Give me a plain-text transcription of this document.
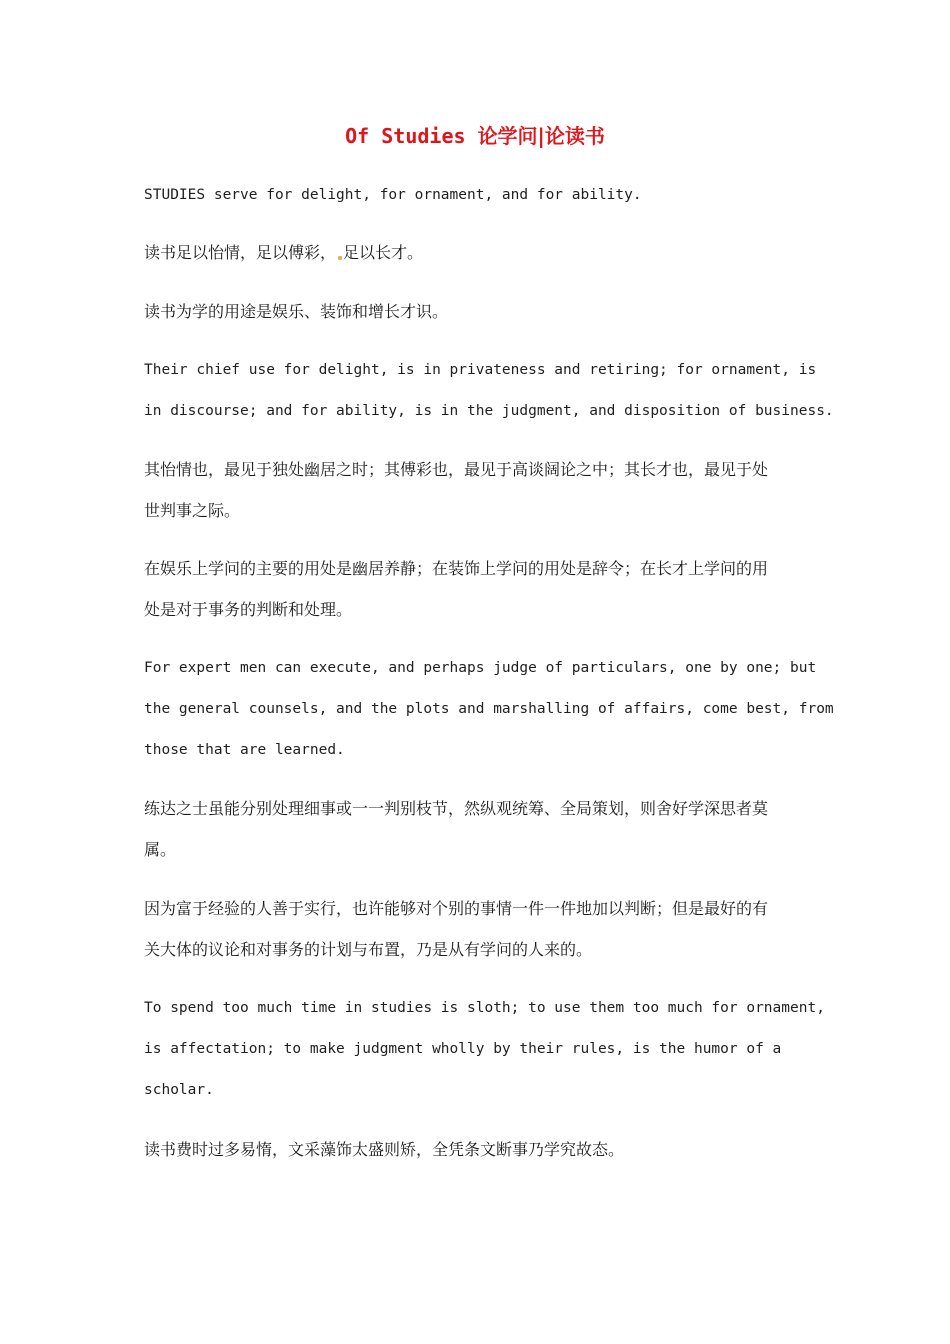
Of Studies 论学问|论读书

STUDIES serve for delight, for ornament, and for ability.

读书足以怡情，足以傅彩， 足以长才。

读书为学的用途是娱乐、装饰和增长才识。

Their chief use for delight, is in privateness and retiring; for ornament, is
in discourse; and for ability, is in the judgment, and disposition of business.

其怡情也，最见于独处幽居之时；其傅彩也，最见于高谈阔论之中；其长才也，最见于处
世判事之际。

在娱乐上学问的主要的用处是幽居养静；在装饰上学问的用处是辞令；在长才上学问的用
处是对于事务的判断和处理。

For expert men can execute, and perhaps judge of particulars, one by one; but
the general counsels, and the plots and marshalling of affairs, come best, from
those that are learned.

练达之士虽能分别处理细事或一一判别枝节，然纵观统筹、全局策划，则舍好学深思者莫
属。

因为富于经验的人善于实行，也许能够对个别的事情一件一件地加以判断；但是最好的有
关大体的议论和对事务的计划与布置，乃是从有学问的人来的。

To spend too much time in studies is sloth; to use them too much for ornament,
is affectation; to make judgment wholly by their rules, is the humor of a
scholar.

读书费时过多易惰，文采藻饰太盛则矫，全凭条文断事乃学究故态。
